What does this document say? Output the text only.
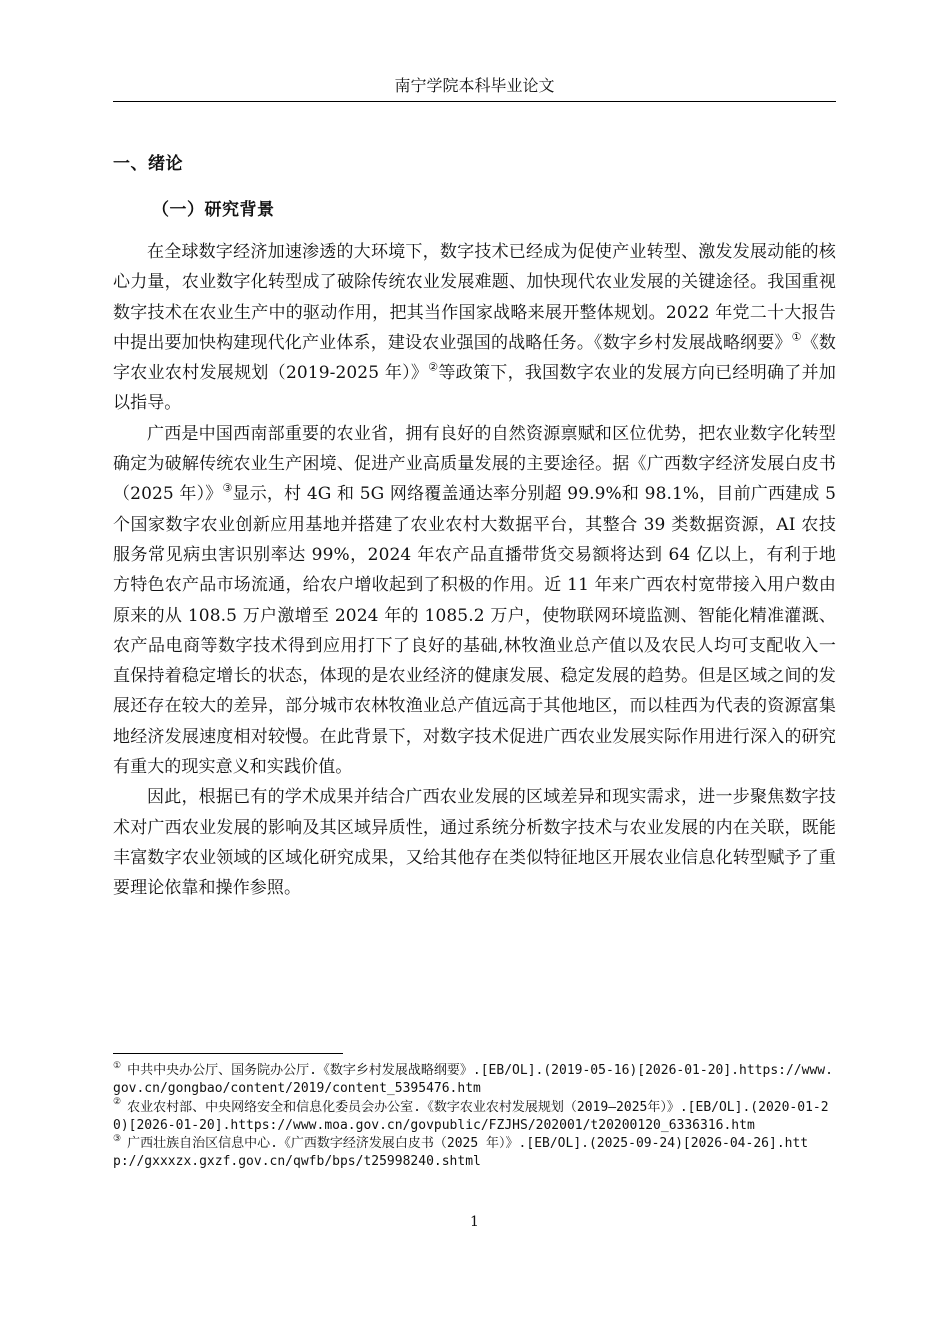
南宁学院本科毕业论文
一、绪论
（一）研究背景

在全球数字经济加速渗透的大环境下，数字技术已经成为促使产业转型、激发发展动能的核心力量，农业数字化转型成了破除传统农业发展难题、加快现代农业发展的关键途径。我国重视数字技术在农业生产中的驱动作用，把其当作国家战略来展开整体规划。2022 年党二十大报告中提出要加快构建现代化产业体系，建设农业强国的战略任务。《数字乡村发展战略纲要》①《数字农业农村发展规划（2019-2025 年）》②等政策下，我国数字农业的发展方向已经明确了并加以指导。

广西是中国西南部重要的农业省，拥有良好的自然资源禀赋和区位优势，把农业数字化转型确定为破解传统农业生产困境、促进产业高质量发展的主要途径。据《广西数字经济发展白皮书（2025 年）》③显示，村 4G 和 5G 网络覆盖通达率分别超 99.9%和 98.1%，目前广西建成 5 个国家数字农业创新应用基地并搭建了农业农村大数据平台，其整合 39 类数据资源，AI 农技服务常见病虫害识别率达 99%，2024 年农产品直播带货交易额将达到 64 亿以上，有利于地方特色农产品市场流通，给农户增收起到了积极的作用。近 11 年来广西农村宽带接入用户数由原来的从 108.5 万户激增至 2024 年的 1085.2 万户，使物联网环境监测、智能化精准灌溉、农产品电商等数字技术得到应用打下了良好的基础,林牧渔业总产值以及农民人均可支配收入一直保持着稳定增长的状态，体现的是农业经济的健康发展、稳定发展的趋势。但是区域之间的发展还存在较大的差异，部分城市农林牧渔业总产值远高于其他地区，而以桂西为代表的资源富集地经济发展速度相对较慢。在此背景下，对数字技术促进广西农业发展实际作用进行深入的研究有重大的现实意义和实践价值。

因此，根据已有的学术成果并结合广西农业发展的区域差异和现实需求，进一步聚焦数字技术对广西农业发展的影响及其区域异质性，通过系统分析数字技术与农业发展的内在关联，既能丰富数字农业领域的区域化研究成果，又给其他存在类似特征地区开展农业信息化转型赋予了重要理论依靠和操作参照。

① 中共中央办公厅、国务院办公厅.《数字乡村发展战略纲要》.[EB/OL].(2019-05-16)[2026-01-20].https://www.gov.cn/gongbao/content/2019/content_5395476.htm

② 农业农村部、中央网络安全和信息化委员会办公室.《数字农业农村发展规划（2019—2025年）》.[EB/OL].(2020-01-20)[2026-01-20].https://www.moa.gov.cn/govpublic/FZJHS/202001/t20200120_6336316.htm

③ 广西壮族自治区信息中心.《广西数字经济发展白皮书（2025 年）》.[EB/OL].(2025-09-24)[2026-04-26].http://gxxxzx.gxzf.gov.cn/qwfb/bps/t25998240.shtml

1
